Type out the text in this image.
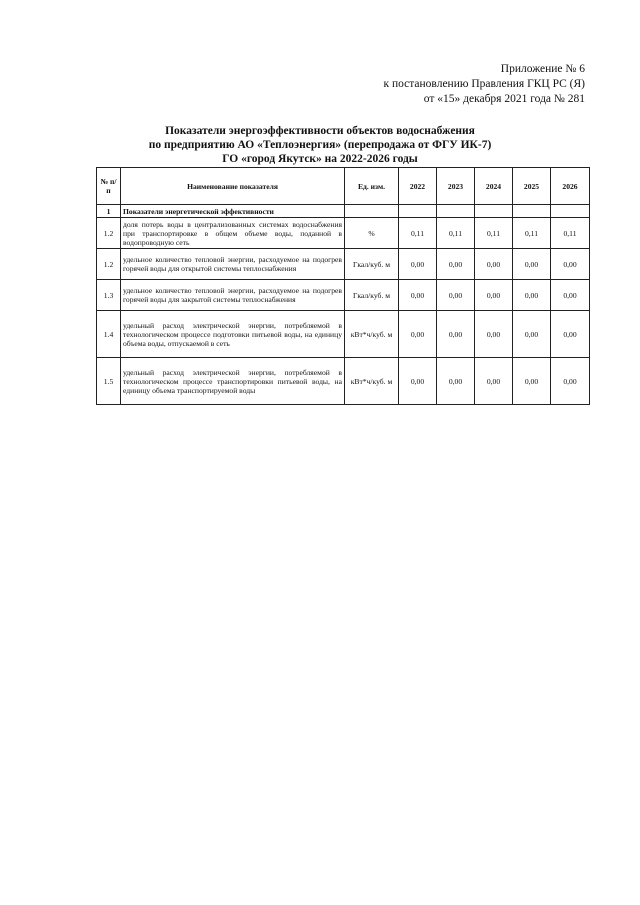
Приложение № 6
к постановлению Правления ГКЦ РС (Я)
от «15» декабря 2021 года № 281
Показатели энергоэффективности объектов водоснабжения
по предприятию АО «Теплоэнергия» (перепродажа от ФГУ ИК-7)
ГО «город Якутск» на 2022-2026 годы
№ п/п	Наименование показателя	Ед. изм.	2022	2023	2024	2025	2026
1	Показатели энергетической эффективности						
1.2	доля потерь воды в централизованных системах водоснабжения при транспортировке в общем объеме воды, поданной в водопроводную сеть	%	0,11	0,11	0,11	0,11	0,11
1.2	удельное количество тепловой энергии, расходуемое на подогрев горячей воды для открытой системы теплоснабжения	Гкал/куб. м	0,00	0,00	0,00	0,00	0,00
1.3	удельное количество тепловой энергии, расходуемое на подогрев горячей воды для закрытой системы теплоснабжения	Гкал/куб. м	0,00	0,00	0,00	0,00	0,00
1.4	удельный расход электрической энергии, потребляемой в технологическом процессе подготовки питьевой воды, на единицу объема воды, отпускаемой в сеть	кВт*ч/куб. м	0,00	0,00	0,00	0,00	0,00
1.5	удельный расход электрической энергии, потребляемой в технологическом процессе транспортировки питьевой воды, на единицу объема транспортируемой воды	кВт*ч/куб. м	0,00	0,00	0,00	0,00	0,00
